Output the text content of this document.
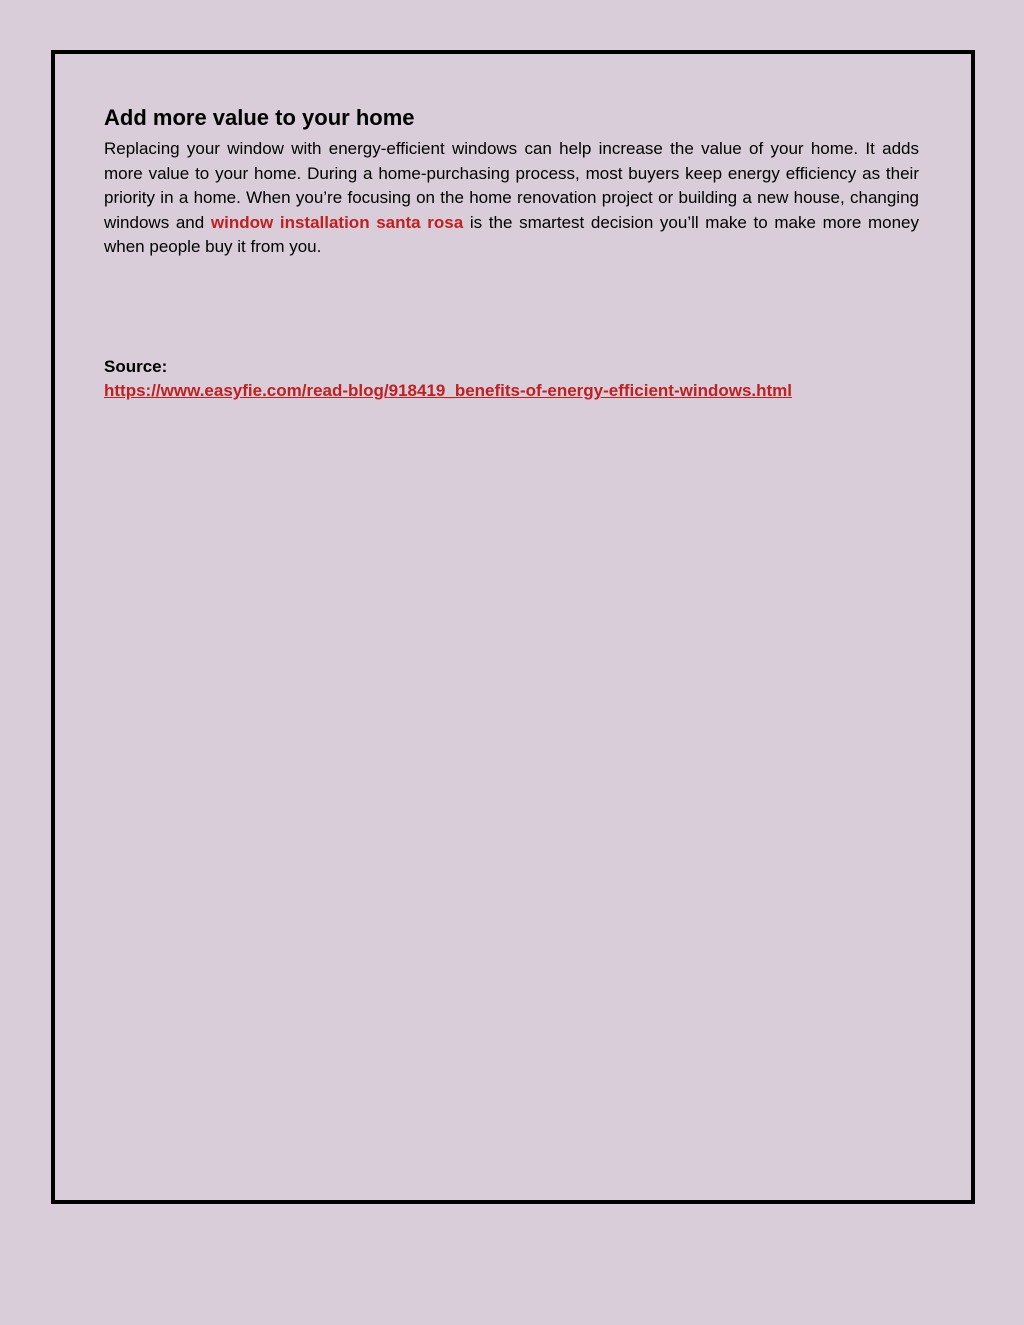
Add more value to your home

Replacing your window with energy-efficient windows can help increase the value of your home. It adds more value to your home. During a home-purchasing process, most buyers keep energy efficiency as their priority in a home. When you’re focusing on the home renovation project or building a new house, changing windows and window installation santa rosa is the smartest decision you’ll make to make more money when people buy it from you.

Source:

https://www.easyfie.com/read-blog/918419_benefits-of-energy-efficient-windows.html
